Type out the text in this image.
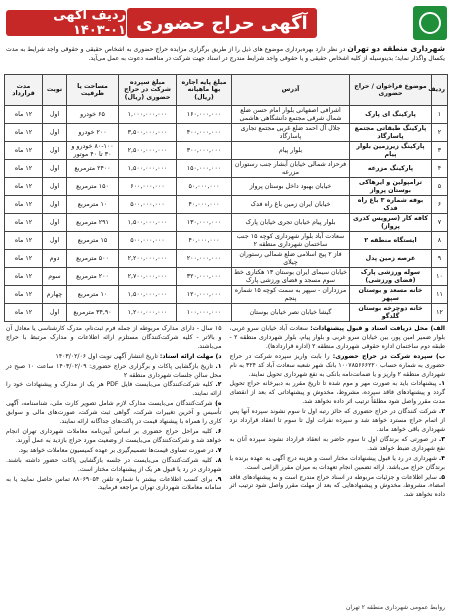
آگهی حراج حضوری
ردیف آگهی ۰۱-۱۴۰۳
شهرداری منطقه دو تهران در نظر دارد بهره‌برداری موضوع های ذیل را از طریق برگزاری مزایده حراج حضوری به اشخاص حقیقی و حقوقی واجد شرایط به مدت یکسال واگذار نماید؛ بدینوسیله از کلیه اشخاص حقیقی و یا حقوقی واجد شرایط مندرج در اسناد جهت شرکت در مناقصه دعوت به عمل می‌آید.
ردیف	موضوع فراخوان / حراج حضوری	آدرس	مبلغ پایه اجاره بها ماهیانه (ریال)	مبلغ سپرده شرکت در حراج حضوری (ریال)	مساحت یا ظرفیت	نوبت	مدت قرارداد
۱	پارکینگ ای پارک	اشرافی اصفهانی بلوار امام حسن ضلع شمال شرقی مجتمع دانشگاهی هاشمی	۱۶۰,۰۰۰,۰۰۰	۱,۰۰۰,۰۰۰,۰۰۰	۶۵ خودرو	اول	۱۲ ماه
۲	پارکینگ طبقاتی مجتمع پاسارگاد	جلال آل احمد ضلع غربی مجتمع تجاری پاسارگاد	۴۰۰,۰۰۰,۰۰۰	۳,۵۰۰,۰۰۰,۰۰۰	۲۰۰ خودرو	اول	۱۲ ماه
۳	پارکینگ زیرزمین بلوار پیام	بلوار پیام	۳۰۰,۰۰۰,۰۰۰	۲,۵۰۰,۰۰۰,۰۰۰	۸۰-۱۰۰ خودرو و ۳۰ تا ۴۰ موتور	اول	۱۲ ماه
۴	پارکینگ مزرعه	فرحزاد شمالی خیابان آبشار جنب رستوران مزرعه	۱۵۰,۰۰۰,۰۰۰	۱,۵۰۰,۰۰۰,۰۰۰	۲۴۰۰ مترمربع	اول	۱۲ ماه
۵	ترامپولین و ایرهاکی بوستان پرواز	خیابان بهبود داخل بوستان پرواز	۵۰,۰۰۰,۰۰۰	۶۰۰,۰۰۰,۰۰۰	۱۵۰ مترمربع	اول	۱۲ ماه
۶	بوفه شماره ۳ باغ راه فدک	خیابان ایران زمین باغ راه فدک	۴۰,۰۰۰,۰۰۰	۵۰۰,۰۰۰,۰۰۰	۱۰ مترمربع	اول	۱۲ ماه
۷	کافه کار (سرویس کدری پرواز)	بلوار پیام خیابان تجری خیابان پارک	۱۳۰,۰۰۰,۰۰۰	۱,۵۰۰,۰۰۰,۰۰۰	۲۹۱ مترمربع	اول	۱۲ ماه
۸	ایستگاه منطقه ۲	سعادت آباد بلوار شهرداری کوچه ۱۵ جنب ساختمان شهرداری منطقه ۲	۴۰,۰۰۰,۰۰۰	۵۰۰,۰۰۰,۰۰۰	۱۵ مترمربع	اول	۱۲ ماه
۹	عرصه زمین پدل	فاز ۲ پیج اسلامی ضلع شمالی رستوران چیلای	۲۰۰,۰۰۰,۰۰۰	۲,۲۰۰,۰۰۰,۰۰۰	۵۰۰ مترمربع	دوم	۱۲ ماه
۱۰	سوله ورزشی پارک (فضای ورزشی)	خیابان سیمای ایران بوستان ۱۳ هکتاری خط سوم مسجد و فضای ورزشی پارک	۳۲۰,۰۰۰,۰۰۰	۲,۷۰۰,۰۰۰,۰۰۰	۲۰۰ مترمربع	سوم	۱۲ ماه
۱۱	خانه مسعد و بوستان سپهر	مرزداران - سپهر به سمت کوچه ۱۵ شماره پنجم	۱۲۰,۰۰۰,۰۰۰	۱,۵۰۰,۰۰۰,۰۰۰	۱۰ مترمربع	چهارم	۱۲ ماه
۱۲	خانه دوچرخه بوستان گلدگو	گیشا خیابان نصر خیابان بوستان	۱۰۰,۰۰۰,۰۰۰	۱,۲۰۰,۰۰۰,۰۰۰	۳۴,۹۰ مترمربع	اول	۱۲ ماه

الف) محل دریافت اسناد و قبول پیشنهادات: سعادت آباد خیابان سرو غربی، بلوار ضمیر امین پور، بین خیابان سرو غربی و بلوار پیام، بلوار شهرداری منطقه ۲ - طبقه دوم ساختمان اداره حقوقی شهرداری منطقه ۲ (اداره قراردادها).

ب) سپرده شرکت در حراج حضوری: را بابت واریز سپرده شرکت در حراج حضوری به شماره حساب ۱۰۰۷۸۵۶۶۶۲۲۰ بانک شهر شعبه سعادت آباد کد ۳۲۴ به نام شهرداری منطقه ۲ واریز و یا ضمانت‌نامه بانکی به نفع شهرداری تحویل نمایند.

۱. پیشنهادات باید به صورت مهر و موم شده تا تاریخ مقرر به دبیرخانه حراج تحویل گردد و پیشنهادهای فاقد سپرده، مشروط، مخدوش و پیشنهاداتی که بعد از انقضای مدت مقرر واصل شود مطلقاً ترتیب اثر داده نخواهد شد.

۲. شرکت کنندگان در حراج حضوری که حائز رتبه اول تا سوم نشوند سپرده آنها پس از اتمام حراج مسترد خواهد شد و سپرده نفرات اول تا سوم تا انعقاد قرارداد نزد شهرداری باقی خواهد ماند.

۳. در صورتی که برندگان اول تا سوم حاضر به انعقاد قرارداد نشوند سپرده آنان به نفع شهرداری ضبط خواهد شد.

۴. شهرداری در رد یا قبول پیشنهادات مختار است و هزینه درج آگهی به عهده برنده یا برندگان حراج می‌باشد. ارائه تضمین انجام تعهدات به میزان مقرر الزامی است.

۵. سایر اطلاعات و جزئیات مربوطه در اسناد حراج مندرج است و به پیشنهادهای فاقد امضاء، مشروط، مخدوش و پیشنهادهایی که بعد از مهلت مقرر واصل شود ترتیب اثر داده نخواهد شد.

۱۵ سال - دارای مدارک مربوطه از جمله فرم ثبت‌نام، مدرک کارشناسی یا معادل آن و بالاتر - کلیه شرکت‌کنندگان مستلزم ارائه اطلاعات و مدارک مرتبط با حراج می‌باشند.

د) مهلت ارائه اسناد: تاریخ انتشار آگهی نوبت اول ۱۴۰۳/۰۲/۰۶

۱. تاریخ بازگشایی پاکات و برگزاری حراج حضوری: ۱۴۰۳/۰۲/۰۹ ساعت ۱۰ صبح در محل سالن جلسات شهرداری منطقه ۲

۲. کلیه شرکت‌کنندگان می‌بایست فایل PDF هر یک از مدارک و پیشنهادات خود را ارائه نمایند.

ه) شرکت‌کنندگان می‌بایست مدارک لازم شامل تصویر کارت ملی، شناسنامه، آگهی تأسیس و آخرین تغییرات شرکت، گواهی ثبت شرکت، صورت‌های مالی و سوابق کاری را همراه با پیشنهاد قیمت در پاکت‌های جداگانه ارائه نمایند.

۶. کلیه مراحل حراج حضوری بر اساس آیین‌نامه معاملات شهرداری تهران انجام خواهد شد و شرکت‌کنندگان می‌بایست از وضعیت مورد حراج بازدید به عمل آورند.

۷. در صورت تساوی قیمت‌ها تصمیم‌گیری بر عهده کمیسیون معاملات خواهد بود.

۸. کلیه شرکت‌کنندگان می‌بایست در جلسه بازگشایی پاکات حضور داشته باشند. شهرداری در رد یا قبول هر یک از پیشنهادات مختار است.

۹. برای کسب اطلاعات بیشتر با شماره تلفن ۸۸۰۶۹۰۵۴ تماس حاصل نمایید یا به سامانه معاملات شهرداری تهران مراجعه فرمایید.

روابط عمومی شهرداری منطقه ۲ تهران
